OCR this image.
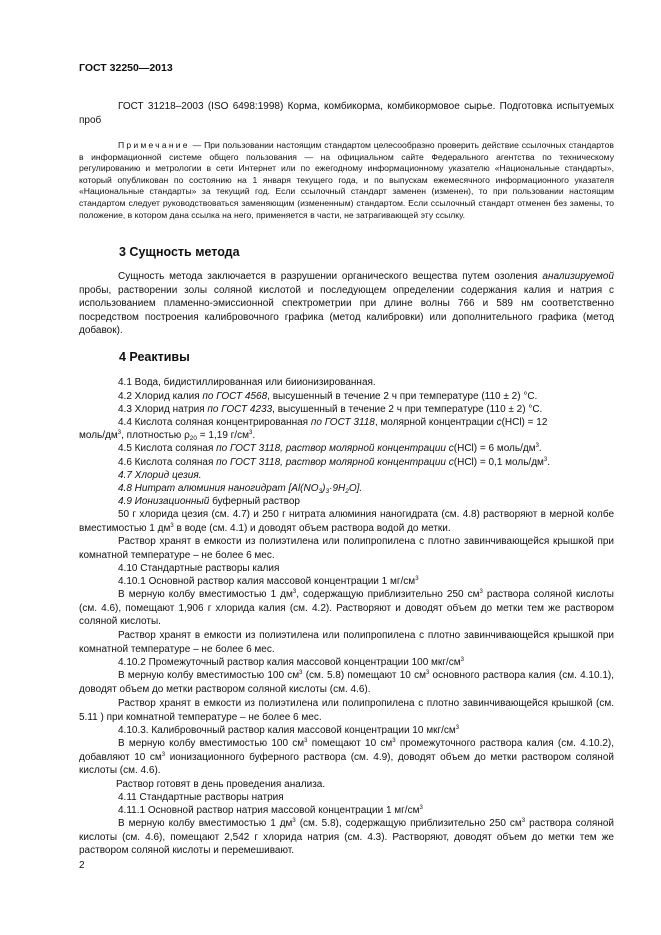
ГОСТ 32250—2013
ГОСТ 31218–2003 (ISO 6498:1998) Корма, комбикорма, комбикормовое сырье. Подготовка испытуемых проб
Примечание — При пользовании настоящим стандартом целесообразно проверить действие ссылочных стандартов в информационной системе общего пользования — на официальном сайте Федерального агентства по техническому регулированию и метрологии в сети Интернет или по ежегодному информационному указателю «Национальные стандарты», который опубликован по состоянию на 1 января текущего года, и по выпускам ежемесячного информационного указателя «Национальные стандарты» за текущий год. Если ссылочный стандарт заменен (изменен), то при пользовании настоящим стандартом следует руководствоваться заменяющим (измененным) стандартом. Если ссылочный стандарт отменен без замены, то положение, в котором дана ссылка на него, применяется в части, не затрагивающей эту ссылку.
3 Сущность метода
Сущность метода заключается в разрушении органического вещества путем озоления анализируемой пробы, растворении золы соляной кислотой и последующем определении содержания калия и натрия с использованием пламенно-эмиссионной спектрометрии при длине волны 766 и 589 нм соответственно посредством построения калибровочного графика (метод калибровки) или дополнительного графика (метод добавок).
4 Реактивы
4.1 Вода, бидистиллированная или биионизированная.
4.2 Хлорид калия по ГОСТ 4568, высушенный в течение 2 ч при температуре (110 ± 2) °С.
4.3 Хлорид натрия по ГОСТ 4233, высушенный в течение 2 ч при температуре (110 ± 2) °С.
4.4 Кислота соляная концентрированная по ГОСТ 3118, молярной концентрации c(HCl) = 12
моль/$дм^3$, плотностью $\rho_{20} = 1,19$ $г/см^3$.
4.5 Кислота соляная по ГОСТ 3118, раствор молярной концентрации c(HCl) = 6 моль/$дм^3$.
4.6 Кислота соляная по ГОСТ 3118, раствор молярной концентрации c(HCl) = 0,1 моль/$дм^3$.
4.7 Хлорид цезия.
4.8 Нитрат алюминия наногидрат $[Al(NO_3)_3\cdot 9H_2O]$.
4.9 Ионизационный буферный раствор
50 г хлорида цезия (см. 4.7) и 250 г нитрата алюминия наногидрата (см. 4.8) растворяют в мерной колбе вместимостью 1 $дм^3$ в воде (см. 4.1) и доводят объем раствора водой до метки.
Раствор хранят в емкости из полиэтилена или полипропилена с плотно завинчивающейся крышкой при комнатной температуре – не более 6 мес.
4.10 Стандартные растворы калия
4.10.1 Основной раствор калия массовой концентрации 1 $мг/см^3$
В мерную колбу вместимостью 1 $дм^3$, содержащую приблизительно 250 $см^3$ раствора соляной кислоты (см. 4.6), помещают 1,906 г хлорида калия (см. 4.2). Растворяют и доводят объем до метки тем же раствором соляной кислоты.
Раствор хранят в емкости из полиэтилена или полипропилена с плотно завинчивающейся крышкой при комнатной температуре – не более 6 мес.
4.10.2 Промежуточный раствор калия массовой концентрации 100 мкг/$см^3$
В мерную колбу вместимостью 100 $см^3$ (см. 5.8) помещают 10 $см^3$ основного раствора калия (см. 4.10.1), доводят объем до метки раствором соляной кислоты (см. 4.6).
Раствор хранят в емкости из полиэтилена или полипропилена с плотно завинчивающейся крышкой (см. 5.11 ) при комнатной температуре – не более 6 мес.
4.10.3. Калибровочный раствор калия массовой концентрации 10 мкг/$см^3$
В мерную колбу вместимостью 100 $см^3$ помещают 10 $см^3$ промежуточного раствора калия (см. 4.10.2), добавляют 10 $см^3$ ионизационного буферного раствора (см. 4.9), доводят объем до метки раствором соляной кислоты (см. 4.6).
Раствор готовят в день проведения анализа.
4.11 Стандартные растворы натрия
4.11.1 Основной раствор натрия массовой концентрации 1 $мг/см^3$
В мерную колбу вместимостью 1 $дм^3$ (см. 5.8), содержащую приблизительно 250 $см^3$ раствора соляной кислоты (см. 4.6), помещают 2,542 г хлорида натрия (см. 4.3). Растворяют, доводят объем до метки тем же раствором соляной кислоты и перемешивают.
2
